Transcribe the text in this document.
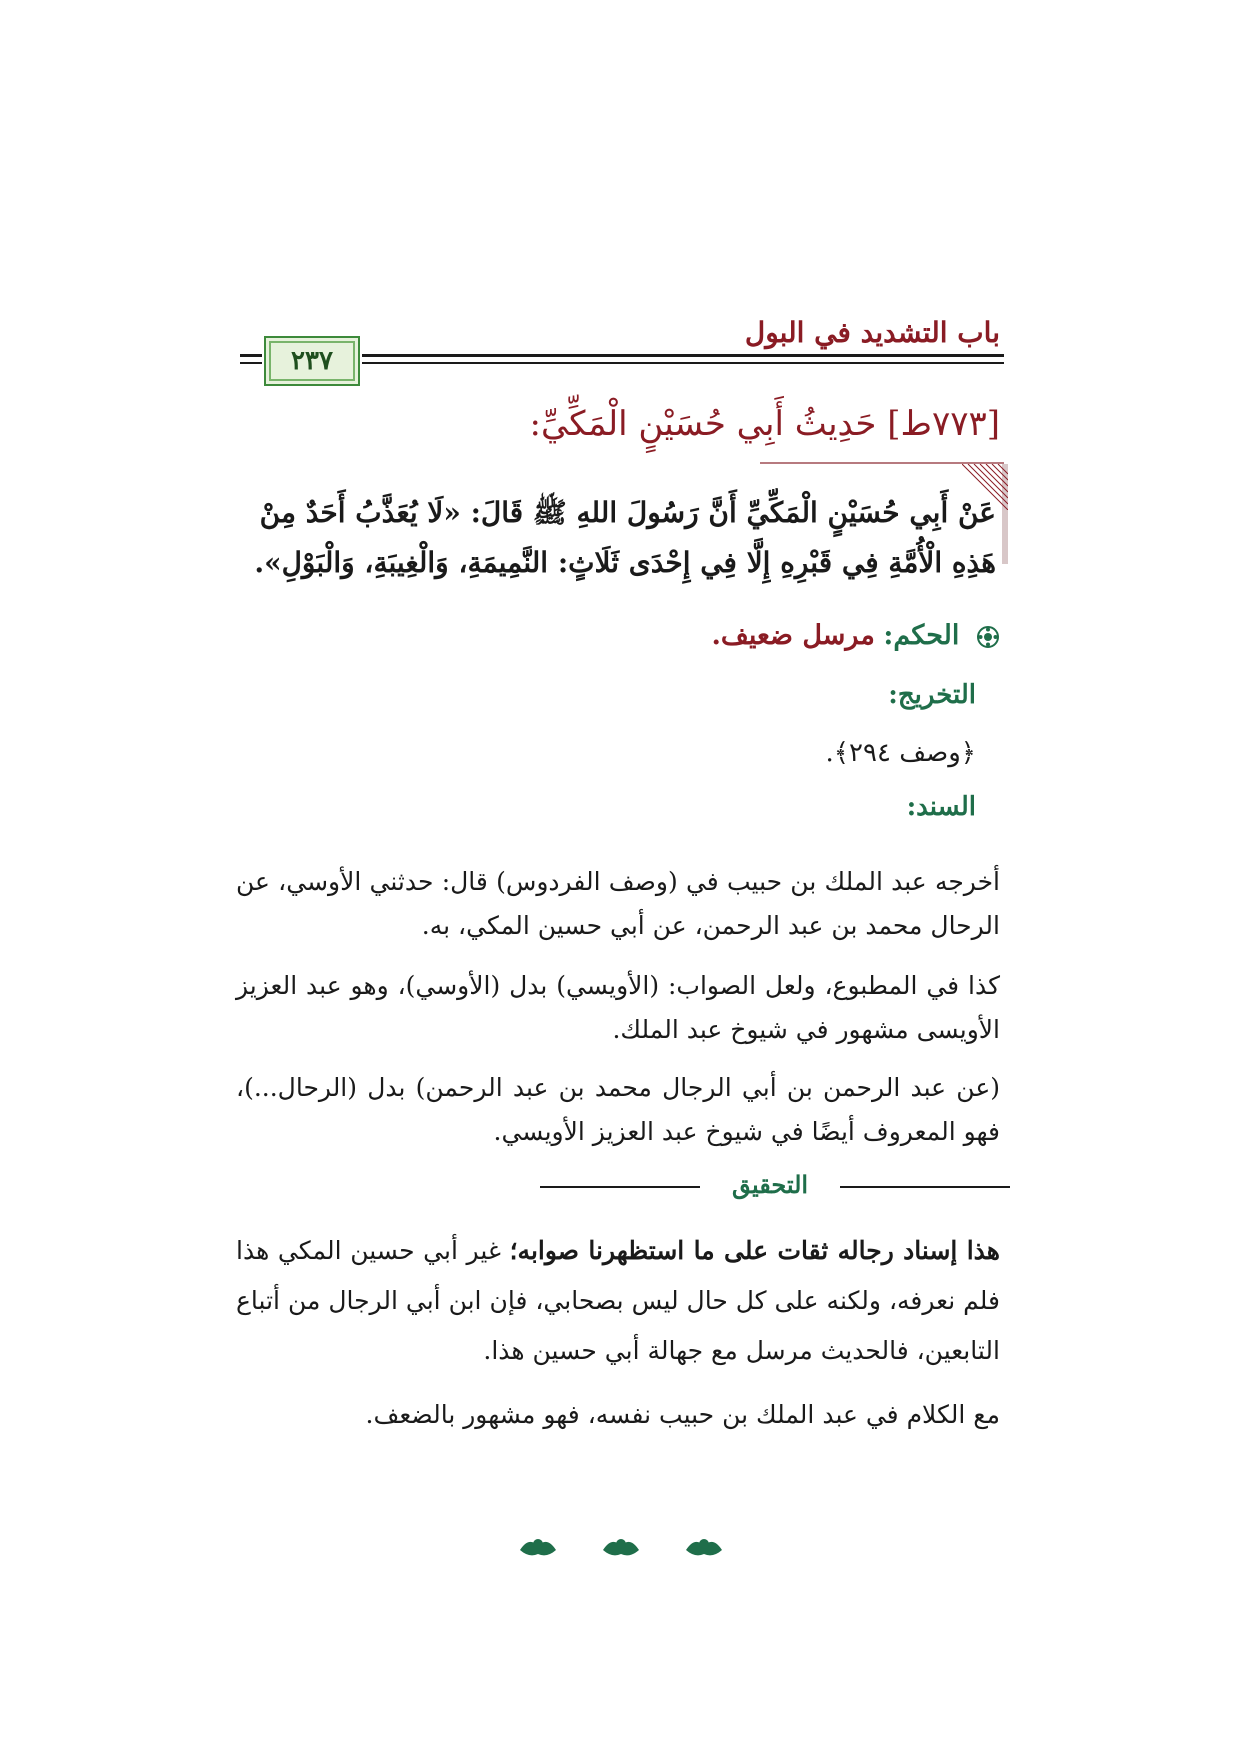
باب التشديد في البول
٢٣٧
[٧٧٣ط] حَدِيثُ أَبِي حُسَيْنٍ الْمَكِّيِّ:
عَنْ أَبِي حُسَيْنٍ الْمَكِّيِّ أَنَّ رَسُولَ اللهِ ﷺ قَالَ: «لَا يُعَذَّبُ أَحَدٌ مِنْ هَذِهِ الْأُمَّةِ فِي قَبْرِهِ إِلَّا فِي إِحْدَى ثَلَاثٍ: النَّمِيمَةِ، وَالْغِيبَةِ، وَالْبَوْلِ».
الحكم: مرسل ضعيف.
التخريج:
﴿وصف ٢٩٤﴾.
السند:
أخرجه عبد الملك بن حبيب في (وصف الفردوس) قال: حدثني الأوسي، عن الرحال محمد بن عبد الرحمن، عن أبي حسين المكي، به.
كذا في المطبوع، ولعل الصواب: (الأويسي) بدل (الأوسي)، وهو عبد العزيز الأويسى مشهور في شيوخ عبد الملك.
(عن عبد الرحمن بن أبي الرجال محمد بن عبد الرحمن) بدل (الرحال...)، فهو المعروف أيضًا في شيوخ عبد العزيز الأويسي.
التحقيق
هذا إسناد رجاله ثقات على ما استظهرنا صوابه؛ غير أبي حسين المكي هذا فلم نعرفه، ولكنه على كل حال ليس بصحابي، فإن ابن أبي الرجال من أتباع التابعين، فالحديث مرسل مع جهالة أبي حسين هذا.
مع الكلام في عبد الملك بن حبيب نفسه، فهو مشهور بالضعف.
